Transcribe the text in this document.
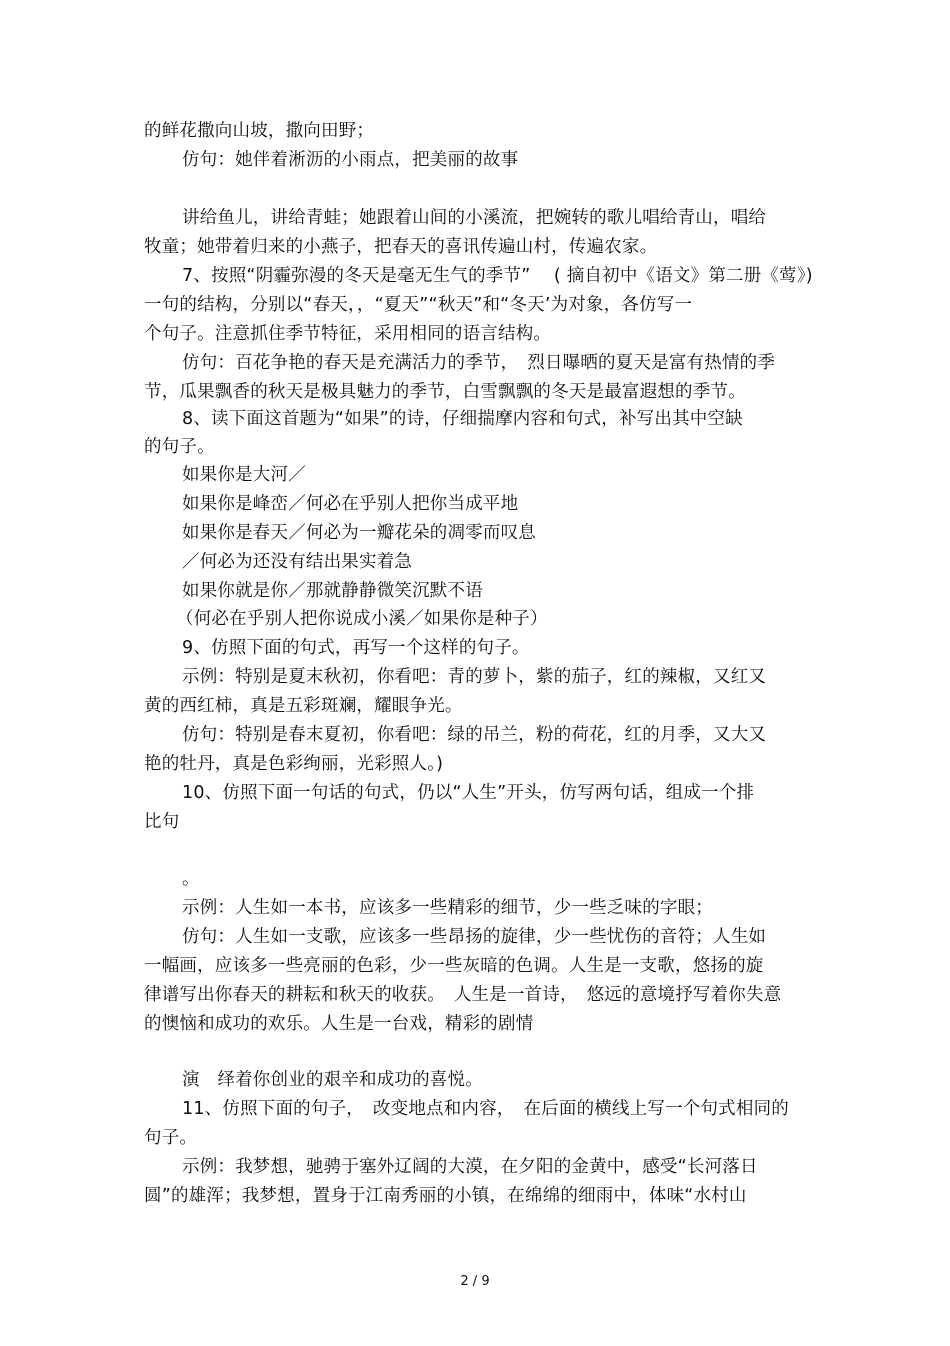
的鲜花撒向山坡，撒向田野；
仿句：她伴着淅沥的小雨点，把美丽的故事
讲给鱼儿，讲给青蛙；她跟着山间的小溪流，把婉转的歌儿唱给青山，唱给
牧童；她带着归来的小燕子，把春天的喜讯传遍山村，传遍农家。
7、按照“阴霾弥漫的冬天是毫无生气的季节”　 ( 摘自初中《语文》第二册《莺》)
一句的结构，分别以“春天，，“夏天”“秋天”和“冬天’为对象，各仿写一
个句子。注意抓住季节特征，采用相同的语言结构。
仿句：百花争艳的春天是充满活力的季节，　烈日曝晒的夏天是富有热情的季
节，瓜果飘香的秋天是极具魅力的季节，白雪飘飘的冬天是最富遐想的季节。
8、读下面这首题为“如果”的诗，仔细揣摩内容和句式，补写出其中空缺
的句子。
如果你是大河／
如果你是峰峦／何必在乎别人把你当成平地
如果你是春天／何必为一瓣花朵的凋零而叹息
／何必为还没有结出果实着急
如果你就是你／那就静静微笑沉默不语
（何必在乎别人把你说成小溪／如果你是种子）
9、仿照下面的句式，再写一个这样的句子。
示例：特别是夏末秋初，你看吧：青的萝卜，紫的茄子，红的辣椒，又红又
黄的西红柿，真是五彩斑斓，耀眼争光。
仿句：特别是春末夏初，你看吧：绿的吊兰，粉的荷花，红的月季，又大又
艳的牡丹，真是色彩绚丽，光彩照人。)
10、仿照下面一句话的句式，仍以“人生”开头，仿写两句话，组成一个排
比句
。
示例：人生如一本书，应该多一些精彩的细节，少一些乏味的字眼；
仿句：人生如一支歌，应该多一些昂扬的旋律，少一些忧伤的音符；人生如
一幅画，应该多一些亮丽的色彩，少一些灰暗的色调。人生是一支歌，悠扬的旋
律谱写出你春天的耕耘和秋天的收获。　人生是一首诗，　悠远的意境抒写着你失意
的懊恼和成功的欢乐。人生是一台戏，精彩的剧情
演　绎着你创业的艰辛和成功的喜悦。
11、仿照下面的句子，　改变地点和内容，　在后面的横线上写一个句式相同的
句子。
示例：我梦想，驰骋于塞外辽阔的大漠，在夕阳的金黄中，感受“长河落日
圆”的雄浑；我梦想，置身于江南秀丽的小镇，在绵绵的细雨中，体味“水村山
2 / 9
